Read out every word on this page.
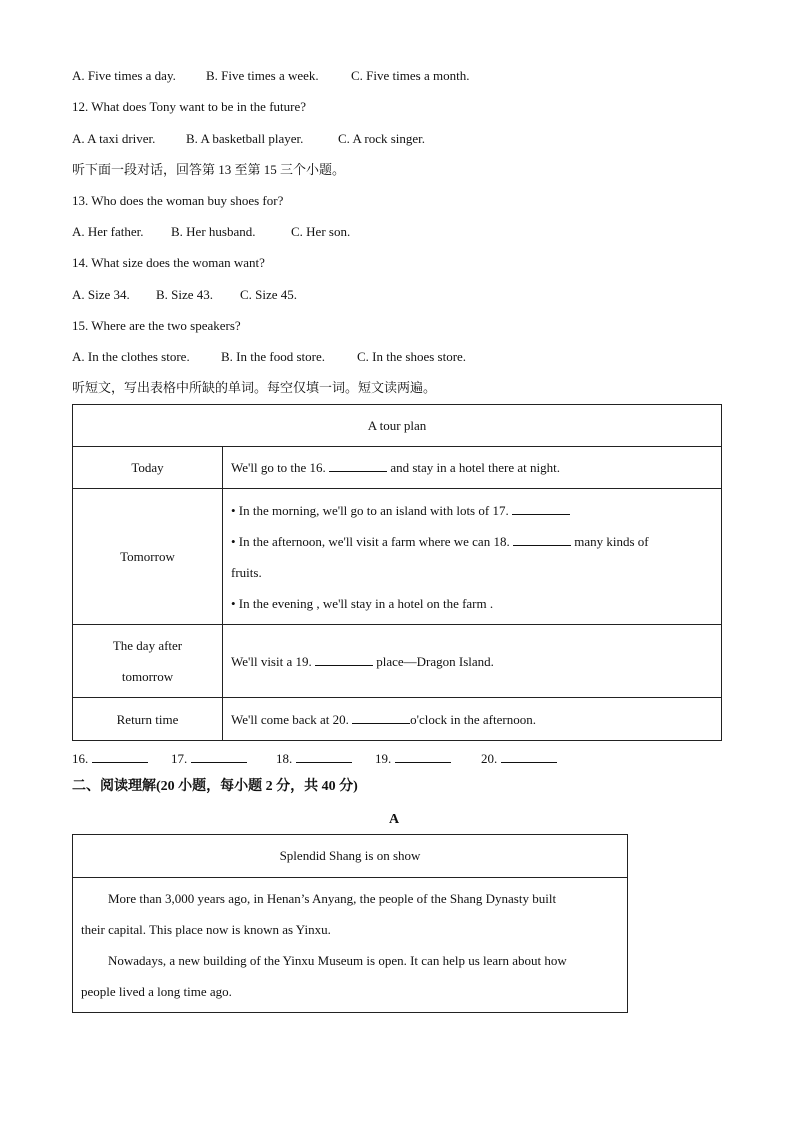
A. Five times a day. B. Five times a week. C. Five times a month.
12. What does Tony want to be in the future?
A. A taxi driver. B. A basketball player.	C. A rock singer.
听下面一段对话，回答第 13 至第 15 三个小题。
13. Who does the woman buy shoes for?
A. Her father. B. Her husband.	C. Her son.
14. What size does the woman want?
A. Size 34. B. Size 43. C. Size 45.
15. Where are the two speakers?
A. In the clothes store. B. In the food store. C. In the shoes store.
听短文，写出表格中所缺的单词。每空仅填一词。短文读两遍。
A tour plan	
Today	We'll go to the 16. and stay in a hotel there at night.
Tomorrow	• In the morning, we'll go to an island with lots of 17.
• In the afternoon, we'll visit a farm where we can 18. many kinds of
fruits.
• In the evening , we'll stay in a hotel on the farm .

The day after
tomorrow	We'll visit a 19. place—Dragon Island.
Return time	We'll come back at 20. o'clock in the afternoon.
16.	17.	18.	19.	20.
二、阅读理解(20 小题，每小题 2 分，共 40 分)
A
Splendid Shang is on show

More than 3,000 years ago, in Henan’s Anyang, the people of the Shang Dynasty built
their capital. This place now is known as Yinxu.
Nowadays, a new building of the Yinxu Museum is open. It can help us learn about how
people lived a long time ago.
